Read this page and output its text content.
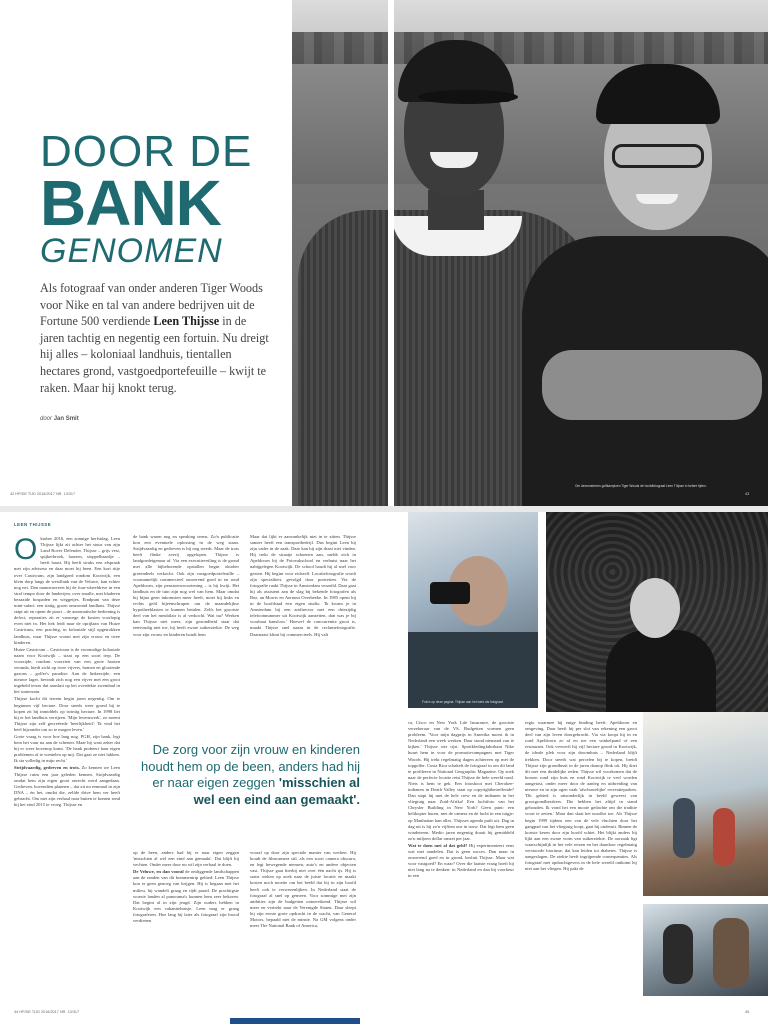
Om demonstreren golfkampioen Tiger Woods de hoofdfotograaf Leen Thijsse in betere tijden.
DOOR DE
BANK
GENOMEN

Als fotograaf van onder anderen Tiger Woods voor Nike en tal van andere bedrijven uit de Fortune 500 verdiende Leen Thijsse in de jaren tachtig en negentig een fortuin. Nu dreigt hij alles – koloniaal landhuis, tientallen hectares grond, vastgoedportefeuille – kwijt te raken. Maar hij knokt terug.

door Jan Smit
42 HP/DE TIJD 2016/2017 NR. 13/317	43
LEEN THIJSSE

Oktober 2016, een zonnige herfstdag. Leen Thijsse lijkt zit achter het stuur van zijn Land Rover Defender. Thijsse – grijs vest, spijkerbroek, laarzen, stoppelbaardje – heeft haast. Hij heeft straks een afspraak met zijn adviseur en daar moet hij heen. Een kort ritje over Castricum, zijn landgoed rondom Kootwijk, een klein dorp langs de westflank van de Veluwe, kan echter nog net. Dan manoeuvreert hij de four-wheeldrive in een straf tempo door de landerijen, over smalle, met bladeren bezaaide bospaden en weggetjes. Eindpunt van deze mini-safari: een statig, groen omzoomd landhuis. Thijsse stapt uit en opent de poort – de automatische bediening is defect, reparaties zit er vanwege de kosten voorlopig even niet in. Het hek leidt naar de oprijlaan van Huize Castricum, een prachtig, in koloniale stijl opgetrokken landhuis, waar Thijsse woont met zijn vrouw en twee kinderen.

Huize Castricum – Castricum is de voormalige koloniale naam voor Kootwijk – staat op een soort terp. De voorzijde, rondom voorzien van een grote houten veranda, biedt zicht op twee vijvers, bomen en glooiende gazons – golfer's paradise. Aan de linkerzijde, een nieuwe lager, bevindt zich nog een vijver met een groot ingebeld terras dat aansluit op het overdekte zwembad in het souterrain.

Thijsse kocht dit terrein begin jaren negentig. Om te beginnen vijf hectare. Door steeds weer grond bij te kopen zit hij inmiddels op twintig hectare. In 1998 liet hij er het landhuis verrijzen. 'Mijn levenswerk', zo noemt Thijsse zijn zelf gecreëerde 'heerlijkheid': 'Ik vind het heel bijzonder om zo te mogen leven.'

Grote vraag is voor hoe lang nog. PGH, zijn bank, legt hem het vuur na aan de schenen. Maar hij wast zeker dat hij er weer bovenop komt. 'De bank probeert haar eigen problemen af te wentelen op mij. Dat gaat ze niet lukken. Ik sta volledig in mijn recht.'

Strijdvaardig, gedreven en trots. Zo kennen we Leen Thijsse ruim een jaar geleden kennen. Strijdvaardig omdat hem zijn eigen groot onrecht werd aangedaan. Gedreven, bovendien plannen – dat zit nu eenmaal in zijn DNA – én het, omdat die, zelfde drive hem ver heeft gebracht. Om met zijn verhaal naar buiten te komen rond hij het eind 2015 te vroeg. Thijsse en

de bank waren nog en speaking terms. Zo'n publicatie kon een eventuele oplossing in de weg staan. Strijdvaardig en gedreven is hij nog steeds. Maar de trots heeft flinke averij opgelopen. Thijsse is landgoedeigenaar af. Via een executieveiling is de grond met alle bijbehorende opstallen begin oktober grotendeels verkocht. Ook zijn vastgoedportefeuille – voornamelijk commercieel onroerend goed in en rond Apeldoorn, zijn pensioenvoorziening – is hij kwijt. Het landhuis en de tuin zijn nog wel van hem. Maar omdat hij bijna geen inkomsten meer heeft, moet hij links en rechts geld bijeenschrapen om de maandelijkse hypotheeklasten te kunnen betalen. Zelfs het grootste deel van het meubilair is al verkocht. Wat nu? Werken kan Thijsse niet meer, zijn gezondheid staat dat eenvoudig niet toe, hij heeft zware suikerziekte. De weg voor zijn vrouw en kinderen houdt hem
Maar dat lijkt er aanvankelijk niet in te zitten. Thijsse samier heeft een transportbedrijf. Dus begint Leen bij zijn vader in de zaak. Daar kan hij zijn draai niet vinden. Hij trekt de straatje schoenen aan, meldt zich in Apeldoorn bij de Fotovakschool en verhuist naar het nabijgelegen Kootwijk. De school houdt hij al snel voor gezien. Hij begint voor zichzelf. Locatiefotografie wordt zijn specialiteit, gevolgd door portretten. Via de fotografie raakt Thijsse in Amsterdam verzeild. Daar gaat hij als assistent aan de slag bij bekende fotografen als Bez, an Morris en Aernout Overbeeke. In 1985 opent hij in de hoofdstad een eigen studio. 'Ik kwam je in Amsterdam bij een artdirector met een driezijdig telefoonnummer uit Kootwijk aanzetten, dan was je bij voorbaat kansloos.' Hoewel de concurrentie groot is, maakt Thijsse snel naam in de reclamefotografie. Daarnaast klimt hij commercieels. Hij valt
De zorg voor zijn vrouw en kinderen houdt hem op de been, anders had hij er naar eigen zeggen 'misschien al wel een eind aan gemaakt'.

op de been, anders had hij er naar eigen zeggen 'misschien al wel een eind aan gemaakt'. Dat blijft hij vechten. Onder meer door nu wil zijn verhaal te doen.

De Veluwe, en dan vooral de omliggende landschappen aan de randen van dit bommentrip gebied: Leen Thijsse kon er geen genoeg van krijgen. Hij is begaan met het milieu, hij wandelt graag en rijdt paard. De prachtigste woeste landen al panorama's kunnen hem zeer bekoren. Dat begint al in zijn jeugd. Zijn ouders hebben in Kootwijk een vakantiehuisje. Leen mag er graag fotograferen. Hoe lang hij later als fotograaf zijn brood verdienen

vooral op door zijn speciale manier van werken. Hij houdt de filmcamera stil, als een soort camera obscura, en legt bewegende mensen, auto's en andere objecten vast. Thijsse gaat hierbij niet over één nacht ijs. Hij is soms weken op zoek naar de juiste locatie en maakt kosten noch moeite om het beeld dat hij in zijn hoofd heeft ook te verwezenlijken. In Nederland staat de fotograaf al snel op gemeen. Voor sommige met zijn ambities zijn de budgetten ontoereikend. Thijsse wil meer en vertrekt naar de Verenigde Staten. Daar sleept hij zijn eerste grote opdracht in de wacht, van General Motors, bepaald niet de minste. Na GM volgens onder meer The National Bank of America,
Foto's op deze pagina: Thijsse aan het werk als fotograaf.

ca, Cisco en New York Life Insurance, de grootste verzekeraar van de VS. Budgetten vormen geen probleem. 'Voor mijn dagprijs in Amerika moest ik in Nederland een week werken. Daar stond niemand van te kijken.' Thijsse ster rijst. Sportkledingfabrikant Nike huurt hem in voor de promotiecampagnes met Tiger Woods. Hij trekt regelmatig dagen achtereen op met de topgolfer. Costa Rica schakelt de fotograaf in om dit land te profileren in National Geographic Magazine. Op zoek naar de perfecte locatie reist Thijsse de hele wereld rond. Niets is hem te gek. Een fotoshoot met Cherokee-indianen in Death Valley staat op copyrightbetreffende? Dan stapt hij met de hele crew en de indianen in het vliegtuig naar Zuid-Afrika! Een luchtfoto van het Chrysler Building in New York? Geen punt: een helikopter huren, met de camera en de lucht in een tuigje: op Manhattan kan alles. Thijsses agenda puilt uit. Dag in dag uit is hij zo'n vijftien uur in touw. Dat legt hem geen windeieren. Medio jaren negentig draait hij gemiddeld zo'n miljoen dollar omzet per jaar.

Wat te doen met al dat geld? Hij experimenteert eens wat met aandelen. Dat is geen succes. Dan maar in onroerend goed en in grond, besluit Thijsse. Maar wat voor vastgoed? En waar? Over die laatste vraag hoeft hij niet lang na te denken: in Nederland en dan bij voorkeur in een

regio waarmee hij enige binding heeft: Apeldoorn en omgeving. Daar heeft hij per slot van rekening een groot deel van zijn leven doorgebracht. Via via koopt hij in en rond Apeldoorn zo af en toe een winkelpand of een restaurant. Ook verwerft hij vijf hectare grond in Kootwijk, de ideale plek voor zijn droomhuis – Nederland blijft trekken. Door steeds wat percelen bij te kopen, breidt Thijsse zijn grondbezit in de jaren daarop flink uit. Hij doet dit met een duidelijke reden. Thijsse wil voorkomen dat de bossen rond zijn huis en rond Kootwijk te veel worden aangetast, onder meer door de aanleg en uitbreiding van nieuwe en in zijn ogen vaak 'afschuwelijke' recreatieparken. 'Dit gebied is uitzonderlijk in beeld geweest van grootgrondbezitters. Die hebben het altijd in stand gehouden. Ik vond het een mooie gedachte om die traditie voort te zetten.' Maar dan slaat het noodlot toe. Als Thijsse begin 1999 tijdens een van de vele vluchten door het gangpad van het vliegtuig loopt, gaat hij onderuit. Binnen de kortste keren door zijn hoofd schiet. Het blijkt anders hij lijkt aan een zware vorm van suikerziekte. De oorzaak ligt waarschijnlijk in het vele reizen en het daardoor regelmatig verstoorde bioritme, dat kan leiden tot diabetes. Thijsse is aangeslagen. De ziekte heeft ingrijpende consequenties. Als fotograaf met opdrachtgevers in de hele wereld ontkomt hij niet aan het vliegen. Hij pakt de
44 HP/DE TIJD 2016/2017 NR. 13/317	45
